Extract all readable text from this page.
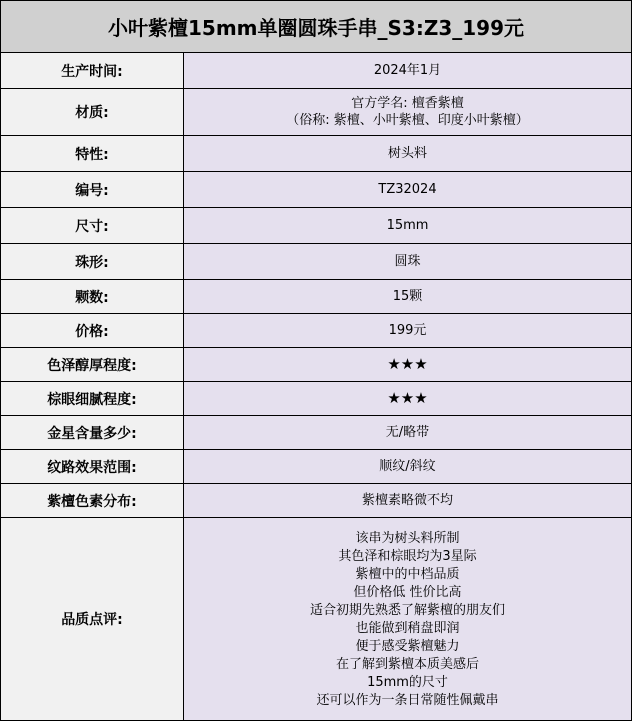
小叶紫檀15mm单圈圆珠手串_S3:Z3_199元
生产时间:	2024年1月
材质:
官方学名: 檀香紫檀
（俗称: 紫檀、小叶紫檀、印度小叶紫檀）
特性:	树头料
编号:	TZ32024
尺寸:	15mm
珠形:	圆珠
颗数:	15颗
价格:	199元
色泽醇厚程度:	★★★
棕眼细腻程度:	★★★
金星含量多少:	无/略带
纹路效果范围:	顺纹/斜纹
紫檀色素分布:	紫檀素略微不均
品质点评:
该串为树头料所制
其色泽和棕眼均为3星际
紫檀中的中档品质
但价格低 性价比高
适合初期先熟悉了解紫檀的朋友们
也能做到稍盘即润
便于感受紫檀魅力
在了解到紫檀本质美感后
15mm的尺寸
还可以作为一条日常随性佩戴串
